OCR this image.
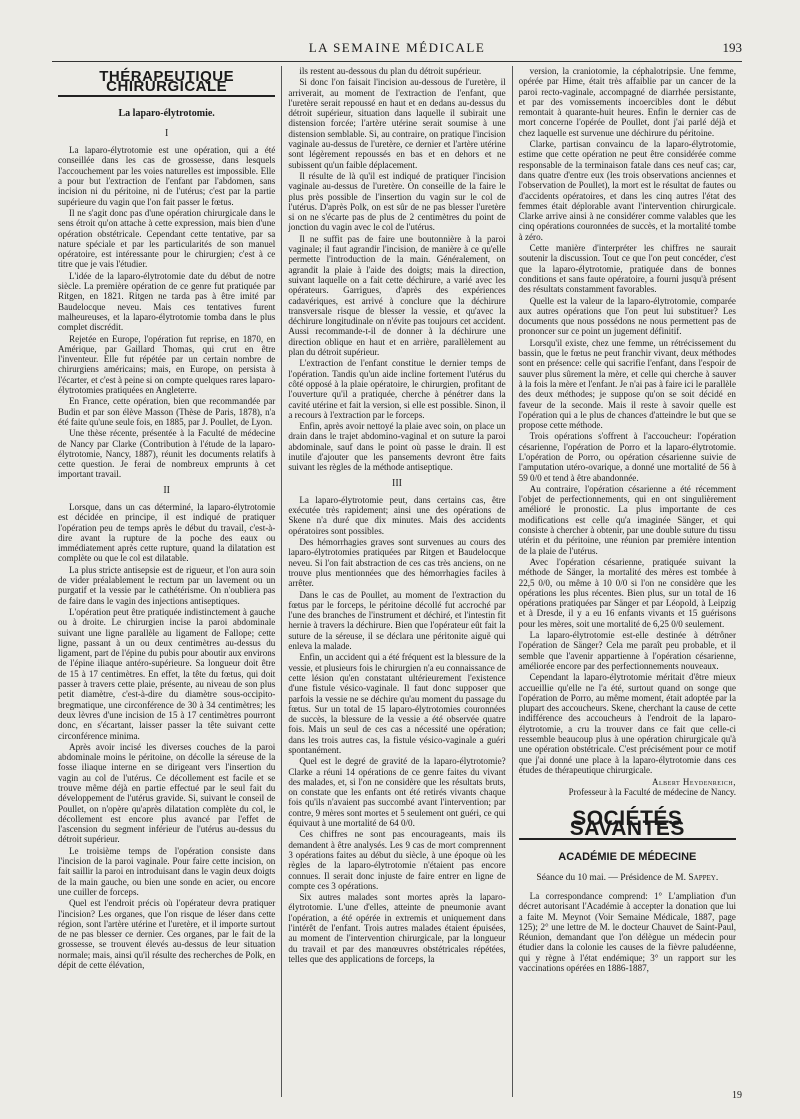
LA SEMAINE MÉDICALE	193
THÉRAPEUTIQUE CHIRURGICALE
La laparo-élytrotomie.
I

La laparo-élytrotomie est une opération, qui a été conseillée dans les cas de grossesse, dans lesquels l'accouchement par les voies naturelles est impossible. Elle a pour but l'extraction de l'enfant par l'abdomen, sans incision ni du péritoine, ni de l'utérus; c'est par la partie supérieure du vagin que l'on fait passer le fœtus.

Il ne s'agit donc pas d'une opération chirurgicale dans le sens étroit qu'on attache à cette expression, mais bien d'une opération obstétricale. Cependant cette tentative, par sa nature spéciale et par les particularités de son manuel opératoire, est intéressante pour le chirurgien; c'est à ce titre que je vais l'étudier.

L'idée de la laparo-élytrotomie date du début de notre siècle. La première opération de ce genre fut pratiquée par Ritgen, en 1821. Ritgen ne tarda pas à être imité par Baudelocque neveu. Mais ces tentatives furent malheureuses, et la laparo-élytrotomie tomba dans le plus complet discrédit.

Rejetée en Europe, l'opération fut reprise, en 1870, en Amérique, par Gaillard Thomas, qui crut en être l'inventeur. Elle fut répétée par un certain nombre de chirurgiens américains; mais, en Europe, on persista à l'écarter, et c'est à peine si on compte quelques rares laparo-élytrotomies pratiquées en Angleterre.

En France, cette opération, bien que recommandée par Budin et par son élève Masson (Thèse de Paris, 1878), n'a été faite qu'une seule fois, en 1885, par J. Poullet, de Lyon.

Une thèse récente, présentée à la Faculté de médecine de Nancy par Clarke (Contribution à l'étude de la laparo-élytrotomie, Nancy, 1887), réunit les documents relatifs à cette question. Je ferai de nombreux emprunts à cet important travail.

II

Lorsque, dans un cas déterminé, la laparo-élytrotomie est décidée en principe, il est indiqué de pratiquer l'opération peu de temps après le début du travail, c'est-à-dire avant la rupture de la poche des eaux ou immédiatement après cette rupture, quand la dilatation est complète ou que le col est dilatable.

La plus stricte antisepsie est de rigueur, et l'on aura soin de vider préalablement le rectum par un lavement ou un purgatif et la vessie par le cathétérisme. On n'oubliera pas de faire dans le vagin des injections antiseptiques.

L'opération peut être pratiquée indistinctement à gauche ou à droite. Le chirurgien incise la paroi abdominale suivant une ligne parallèle au ligament de Fallope; cette ligne, passant à un ou deux centimètres au-dessus du ligament, part de l'épine du pubis pour aboutir aux environs de l'épine iliaque antéro-supérieure. Sa longueur doit être de 15 à 17 centimètres. En effet, la tête du fœtus, qui doit passer à travers cette plaie, présente, au niveau de son plus petit diamètre, c'est-à-dire du diamètre sous-occipito-bregmatique, une circonférence de 30 à 34 centimètres; les deux lèvres d'une incision de 15 à 17 centimètres pourront donc, en s'écartant, laisser passer la tête suivant cette circonférence minima.

Après avoir incisé les diverses couches de la paroi abdominale moins le péritoine, on décolle la séreuse de la fosse iliaque interne en se dirigeant vers l'insertion du vagin au col de l'utérus. Ce décollement est facile et se trouve même déjà en partie effectué par le seul fait du développement de l'utérus gravide. Si, suivant le conseil de Poullet, on n'opère qu'après dilatation complète du col, le décollement est encore plus avancé par l'effet de l'ascension du segment inférieur de l'utérus au-dessus du détroit supérieur.

Le troisième temps de l'opération consiste dans l'incision de la paroi vaginale. Pour faire cette incision, on fait saillir la paroi en introduisant dans le vagin deux doigts de la main gauche, ou bien une sonde en acier, ou encore une cuiller de forceps.

Quel est l'endroit précis où l'opérateur devra pratiquer l'incision? Les organes, que l'on risque de léser dans cette région, sont l'artère utérine et l'uretère, et il importe surtout de ne pas blesser ce dernier. Ces organes, par le fait de la grossesse, se trouvent élevés au-dessus de leur situation normale; mais, ainsi qu'il résulte des recherches de Polk, en dépit de cette élévation,

ils restent au-dessous du plan du détroit supérieur.

Si donc l'on faisait l'incision au-dessous de l'uretère, il arriverait, au moment de l'extraction de l'enfant, que l'uretère serait repoussé en haut et en dedans au-dessus du détroit supérieur, situation dans laquelle il subirait une distension forcée; l'artère utérine serait soumise à une distension semblable. Si, au contraire, on pratique l'incision vaginale au-dessus de l'uretère, ce dernier et l'artère utérine sont légèrement repoussés en bas et en dehors et ne subissent qu'un faible déplacement.

Il résulte de là qu'il est indiqué de pratiquer l'incision vaginale au-dessus de l'uretère. On conseille de la faire le plus près possible de l'insertion du vagin sur le col de l'utérus. D'après Polk, on est sûr de ne pas blesser l'uretère si on ne s'écarte pas de plus de 2 centimètres du point de jonction du vagin avec le col de l'utérus.

Il ne suffit pas de faire une boutonnière à la paroi vaginale; il faut agrandir l'incision, de manière à ce qu'elle permette l'introduction de la main. Généralement, on agrandit la plaie à l'aide des doigts; mais la direction, suivant laquelle on a fait cette déchirure, a varié avec les opérateurs. Garrigues, d'après des expériences cadavériques, est arrivé à conclure que la déchirure transversale risque de blesser la vessie, et qu'avec la déchirure longitudinale on n'évite pas toujours cet accident. Aussi recommande-t-il de donner à la déchirure une direction oblique en haut et en arrière, parallèlement au plan du détroit supérieur.

L'extraction de l'enfant constitue le dernier temps de l'opération. Tandis qu'un aide incline fortement l'utérus du côté opposé à la plaie opératoire, le chirurgien, profitant de l'ouverture qu'il a pratiquée, cherche à pénétrer dans la cavité utérine et fait la version, si elle est possible. Sinon, il a recours à l'extraction par le forceps.

Enfin, après avoir nettoyé la plaie avec soin, on place un drain dans le trajet abdomino-vaginal et on suture la paroi abdominale, sauf dans le point où passe le drain. Il est inutile d'ajouter que les pansements devront être faits suivant les règles de la méthode antiseptique.

III

La laparo-élytrotomie peut, dans certains cas, être exécutée très rapidement; ainsi une des opérations de Skene n'a duré que dix minutes. Mais des accidents opératoires sont possibles.

Des hémorrhagies graves sont survenues au cours des laparo-élytrotomies pratiquées par Ritgen et Baudelocque neveu. Si l'on fait abstraction de ces cas très anciens, on ne trouve plus mentionnées que des hémorrhagies faciles à arrêter.

Dans le cas de Poullet, au moment de l'extraction du fœtus par le forceps, le péritoine décollé fut accroché par l'une des branches de l'instrument et déchiré, et l'intestin fit hernie à travers la déchirure. Bien que l'opérateur eût fait la suture de la séreuse, il se déclara une péritonite aiguë qui enleva la malade.

Enfin, un accident qui a été fréquent est la blessure de la vessie, et plusieurs fois le chirurgien n'a eu connaissance de cette lésion qu'en constatant ultérieurement l'existence d'une fistule vésico-vaginale. Il faut donc supposer que parfois la vessie ne se déchire qu'au moment du passage du fœtus. Sur un total de 15 laparo-élytrotomies couronnées de succès, la blessure de la vessie a été observée quatre fois. Mais un seul de ces cas a nécessité une opération; dans les trois autres cas, la fistule vésico-vaginale a guéri spontanément.

Quel est le degré de gravité de la laparo-élytrotomie? Clarke a réuni 14 opérations de ce genre faites du vivant des malades, et, si l'on ne considère que les résultats bruts, on constate que les enfants ont été retirés vivants chaque fois qu'ils n'avaient pas succombé avant l'intervention; par contre, 9 mères sont mortes et 5 seulement ont guéri, ce qui équivaut à une mortalité de 64 0/0.

Ces chiffres ne sont pas encourageants, mais ils demandent à être analysés. Les 9 cas de mort comprennent 3 opérations faites au début du siècle, à une époque où les règles de la laparo-élytrotomie n'étaient pas encore connues. Il serait donc injuste de faire entrer en ligne de compte ces 3 opérations.

Six autres malades sont mortes après la laparo-élytrotomie. L'une d'elles, atteinte de pneumonie avant l'opération, a été opérée in extremis et uniquement dans l'intérêt de l'enfant. Trois autres malades étaient épuisées, au moment de l'intervention chirurgicale, par la longueur du travail et par des manœuvres obstétricales répétées, telles que des applications de forceps, la

version, la craniotomie, la céphalotripsie. Une femme, opérée par Hime, était très affaiblie par un cancer de la paroi recto-vaginale, accompagné de diarrhée persistante, et par des vomissements incoercibles dont le début remontait à quarante-huit heures. Enfin le dernier cas de mort concerne l'opérée de Poullet, dont j'ai parlé déjà et chez laquelle est survenue une déchirure du péritoine.

Clarke, partisan convaincu de la laparo-élytrotomie, estime que cette opération ne peut être considérée comme responsable de la terminaison fatale dans ces neuf cas; car, dans quatre d'entre eux (les trois observations anciennes et l'observation de Poullet), la mort est le résultat de fautes ou d'accidents opératoires, et dans les cinq autres l'état des femmes était déplorable avant l'intervention chirurgicale. Clarke arrive ainsi à ne considérer comme valables que les cinq opérations couronnées de succès, et la mortalité tombe à zéro.

Cette manière d'interpréter les chiffres ne saurait soutenir la discussion. Tout ce que l'on peut concéder, c'est que la laparo-élytrotomie, pratiquée dans de bonnes conditions et sans faute opératoire, a fourni jusqu'à présent des résultats constamment favorables.

Quelle est la valeur de la laparo-élytrotomie, comparée aux autres opérations que l'on peut lui substituer? Les documents que nous possédons ne nous permettent pas de prononcer sur ce point un jugement définitif.

Lorsqu'il existe, chez une femme, un rétrécissement du bassin, que le fœtus ne peut franchir vivant, deux méthodes sont en présence: celle qui sacrifie l'enfant, dans l'espoir de sauver plus sûrement la mère, et celle qui cherche à sauver à la fois la mère et l'enfant. Je n'ai pas à faire ici le parallèle des deux méthodes; je suppose qu'on se soit décidé en faveur de la seconde. Mais il reste à savoir quelle est l'opération qui a le plus de chances d'atteindre le but que se propose cette méthode.

Trois opérations s'offrent à l'accoucheur: l'opération césarienne, l'opération de Porro et la laparo-élytrotomie. L'opération de Porro, ou opération césarienne suivie de l'amputation utéro-ovarique, a donné une mortalité de 56 à 59 0/0 et tend à être abandonnée.

Au contraire, l'opération césarienne a été récemment l'objet de perfectionnements, qui en ont singulièrement amélioré le pronostic. La plus importante de ces modifications est celle qu'a imaginée Sänger, et qui consiste à chercher à obtenir, par une double suture du tissu utérin et du péritoine, une réunion par première intention de la plaie de l'utérus.

Avec l'opération césarienne, pratiquée suivant la méthode de Sänger, la mortalité des mères est tombée à 22,5 0/0, ou même à 10 0/0 si l'on ne considère que les opérations les plus récentes. Bien plus, sur un total de 16 opérations pratiquées par Sänger et par Léopold, à Leipzig et à Dresde, il y a eu 16 enfants vivants et 15 guérisons pour les mères, soit une mortalité de 6,25 0/0 seulement.

La laparo-élytrotomie est-elle destinée à détrôner l'opération de Sänger? Cela me paraît peu probable, et il semble que l'avenir appartienne à l'opération césarienne, améliorée encore par des perfectionnements nouveaux.

Cependant la laparo-élytrotomie méritait d'être mieux accueillie qu'elle ne l'a été, surtout quand on songe que l'opération de Porro, au même moment, était adoptée par la plupart des accoucheurs. Skene, cherchant la cause de cette indifférence des accoucheurs à l'endroit de la laparo-élytrotomie, a cru la trouver dans ce fait que celle-ci ressemble beaucoup plus à une opération chirurgicale qu'à une opération obstétricale. C'est précisément pour ce motif que j'ai donné une place à la laparo-élytrotomie dans ces études de thérapeutique chirurgicale.

Albert Heydenreich,
Professeur à la Faculté de médecine de Nancy.
SOCIÉTÉS SAVANTES
ACADÉMIE DE MÉDECINE
Séance du 10 mai. — Présidence de M. Sappey.

La correspondance comprend: 1° L'ampliation d'un décret autorisant l'Académie à accepter la donation que lui a faite M. Meynot (Voir Semaine Médicale, 1887, page 125); 2° une lettre de M. le docteur Chauvet de Saint-Paul, Réunion, demandant que l'on délègue un médecin pour étudier dans la colonie les causes de la fièvre paludéenne, qui y règne à l'état endémique; 3° un rapport sur les vaccinations opérées en 1886-1887,

19
